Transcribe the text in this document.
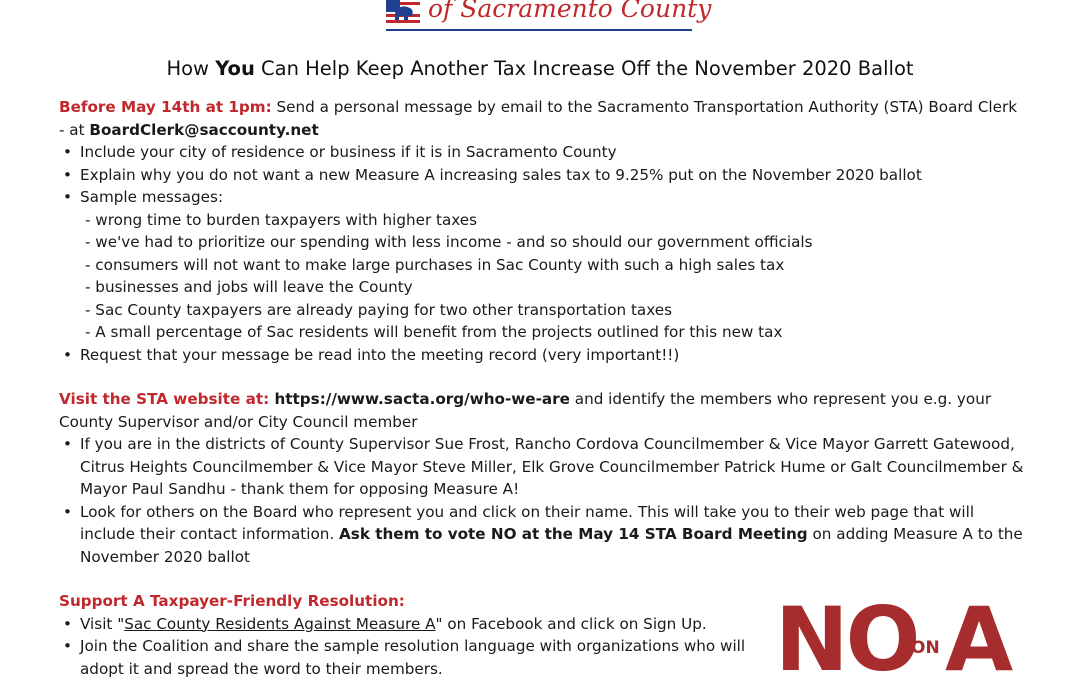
of Sacramento County
How You Can Help Keep Another Tax Increase Off the November 2020 Ballot

Before May 14th at 1pm: Send a personal message by email to the Sacramento Transportation Authority (STA) Board Clerk - at BoardClerk@saccounty.net

• Include your city of residence or business if it is in Sacramento County
• Explain why you do not want a new Measure A increasing sales tax to 9.25% put on the November 2020 ballot
• Sample messages:
- wrong time to burden taxpayers with higher taxes
- we've had to prioritize our spending with less income - and so should our government officials
- consumers will not want to make large purchases in Sac County with such a high sales tax
- businesses and jobs will leave the County
- Sac County taxpayers are already paying for two other transportation taxes
- A small percentage of Sac residents will benefit from the projects outlined for this new tax
• Request that your message be read into the meeting record (very important!!)

Visit the STA website at: https://www.sacta.org/who-we-are and identify the members who represent you e.g. your County Supervisor and/or City Council member

• If you are in the districts of County Supervisor Sue Frost, Rancho Cordova Councilmember & Vice Mayor Garrett Gatewood, Citrus Heights Councilmember & Vice Mayor Steve Miller, Elk Grove Councilmember Patrick Hume or Galt Councilmember & Mayor Paul Sandhu - thank them for opposing Measure A!
• Look for others on the Board who represent you and click on their name. This will take you to their web page that will include their contact information. Ask them to vote NO at the May 14 STA Board Meeting on adding Measure A to the November 2020 ballot

Support A Taxpayer-Friendly Resolution:

• Visit "Sac County Residents Against Measure A" on Facebook and click on Sign Up.
• Join the Coalition and share the sample resolution language with organizations who will adopt it and spread the word to their members.	NO
ON A
